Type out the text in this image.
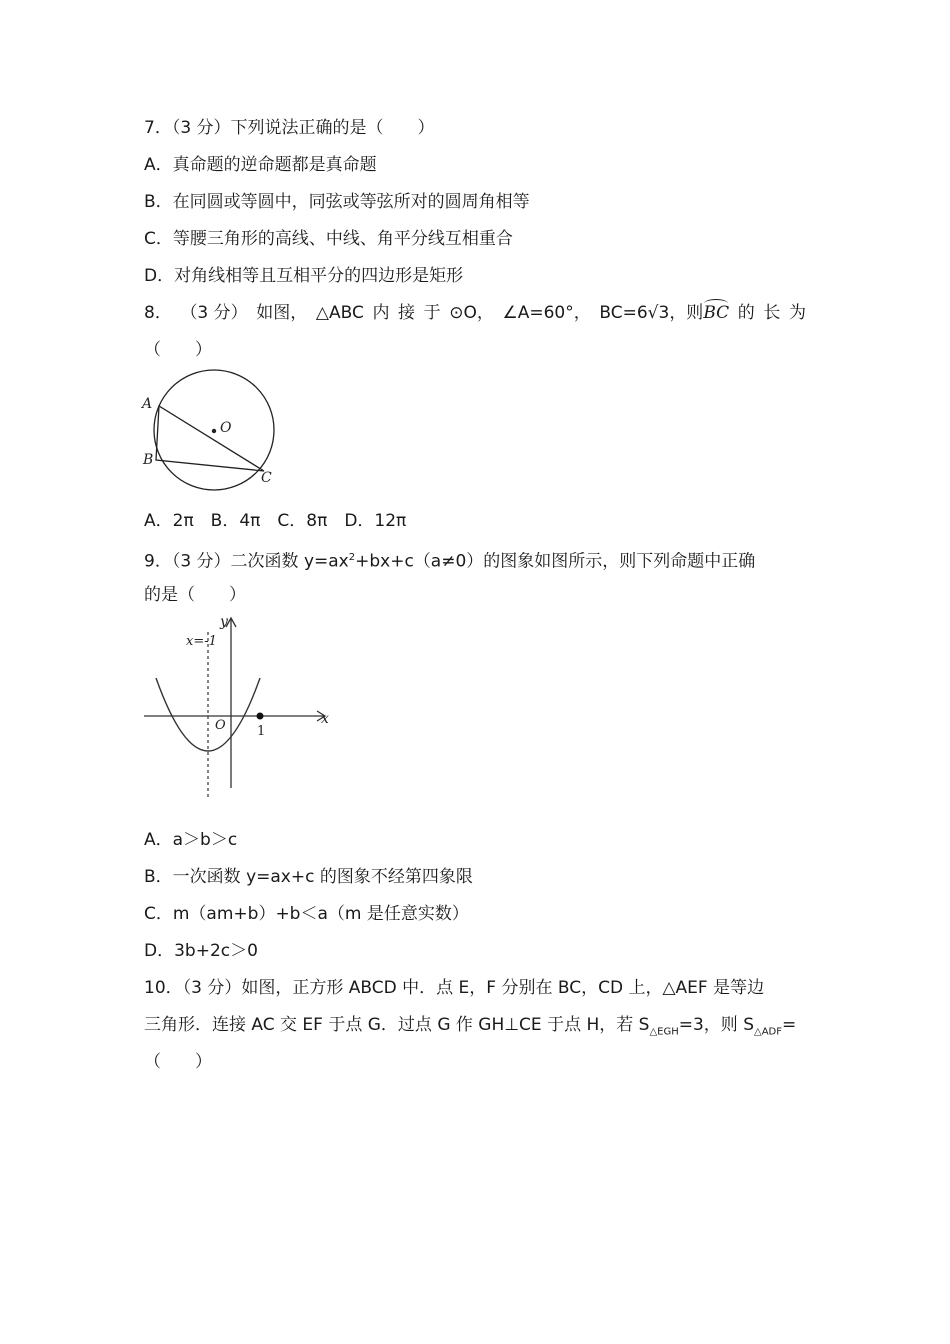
7．（3 分）下列说法正确的是（　　）
A．真命题的逆命题都是真命题
B．在同圆或等圆中，同弦或等弦所对的圆周角相等
C．等腰三角形的高线、中线、角平分线互相重合
D．对角线相等且互相平分的四边形是矩形
8． （3 分） 如图， △ABC 内 接 于 ⊙O， ∠A=60°， BC=6√3，则BC 的 长 为
（　　）
A
B
C
O
A．2π　B．4π　C．8π　D．12π
9．（3 分）二次函数 $y=ax^2+bx+c(a\ne 0)$的图象如图所示，则下列命题中正确
的是（　　）
x=-1
y
x
O 1
A．a＞b＞c
B．一次函数 y=ax+c 的图象不经第四象限
C．m（am+b）+b＜a（m 是任意实数）
D．3b+2c＞0
10．（3 分）如图，正方形 ABCD 中．点 E，F 分别在 BC，CD 上，△AEF 是等边
三角形．连接 AC 交 EF 于点 G．过点 G 作 GH⊥CE 于点 H，若 $S_{\triangle EGH}=3$，则 $S_{\triangle ADF}=$
（　　）
